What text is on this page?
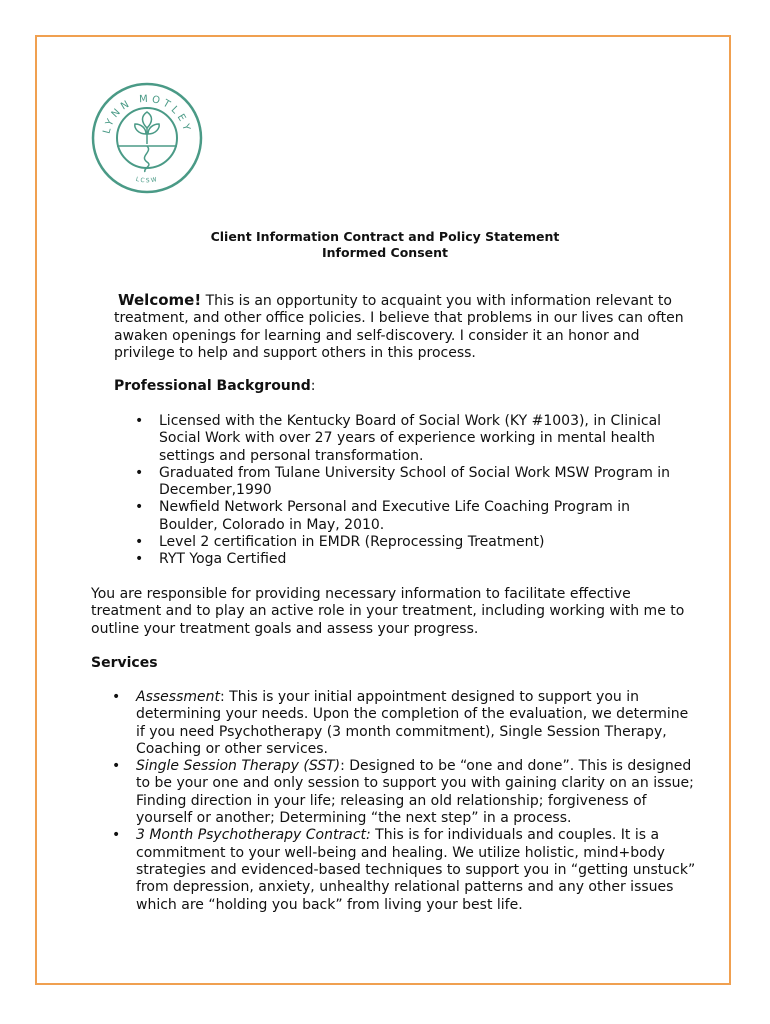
LYNN MOTLEY
LCSW
Client Information Contract and Policy Statement
Informed Consent
Welcome! This is an opportunity to acquaint you with information relevant to treatment, and other office policies. I believe that problems in our lives can often awaken openings for learning and self-discovery. I consider it an honor and privilege to help and support others in this process.
Professional Background:
• Licensed with the Kentucky Board of Social Work (KY #1003), in Clinical Social Work with over 27 years of experience working in mental health settings and personal transformation.
• Graduated from Tulane University School of Social Work MSW Program in December,1990
• Newfield Network Personal and Executive Life Coaching Program in Boulder, Colorado in May, 2010.
• Level 2 certification in EMDR (Reprocessing Treatment)
• RYT Yoga Certified
You are responsible for providing necessary information to facilitate effective treatment and to play an active role in your treatment, including working with me to outline your treatment goals and assess your progress.
Services
• Assessment: This is your initial appointment designed to support you in determining your needs. Upon the completion of the evaluation, we determine if you need Psychotherapy (3 month commitment), Single Session Therapy, Coaching or other services.
• Single Session Therapy (SST): Designed to be “one and done”. This is designed to be your one and only session to support you with gaining clarity on an issue; Finding direction in your life; releasing an old relationship; forgiveness of yourself or another; Determining “the next step” in a process.
• 3 Month Psychotherapy Contract: This is for individuals and couples. It is a commitment to your well-being and healing. We utilize holistic, mind+body strategies and evidenced-based techniques to support you in “getting unstuck” from depression, anxiety, unhealthy relational patterns and any other issues which are “holding you back” from living your best life.
